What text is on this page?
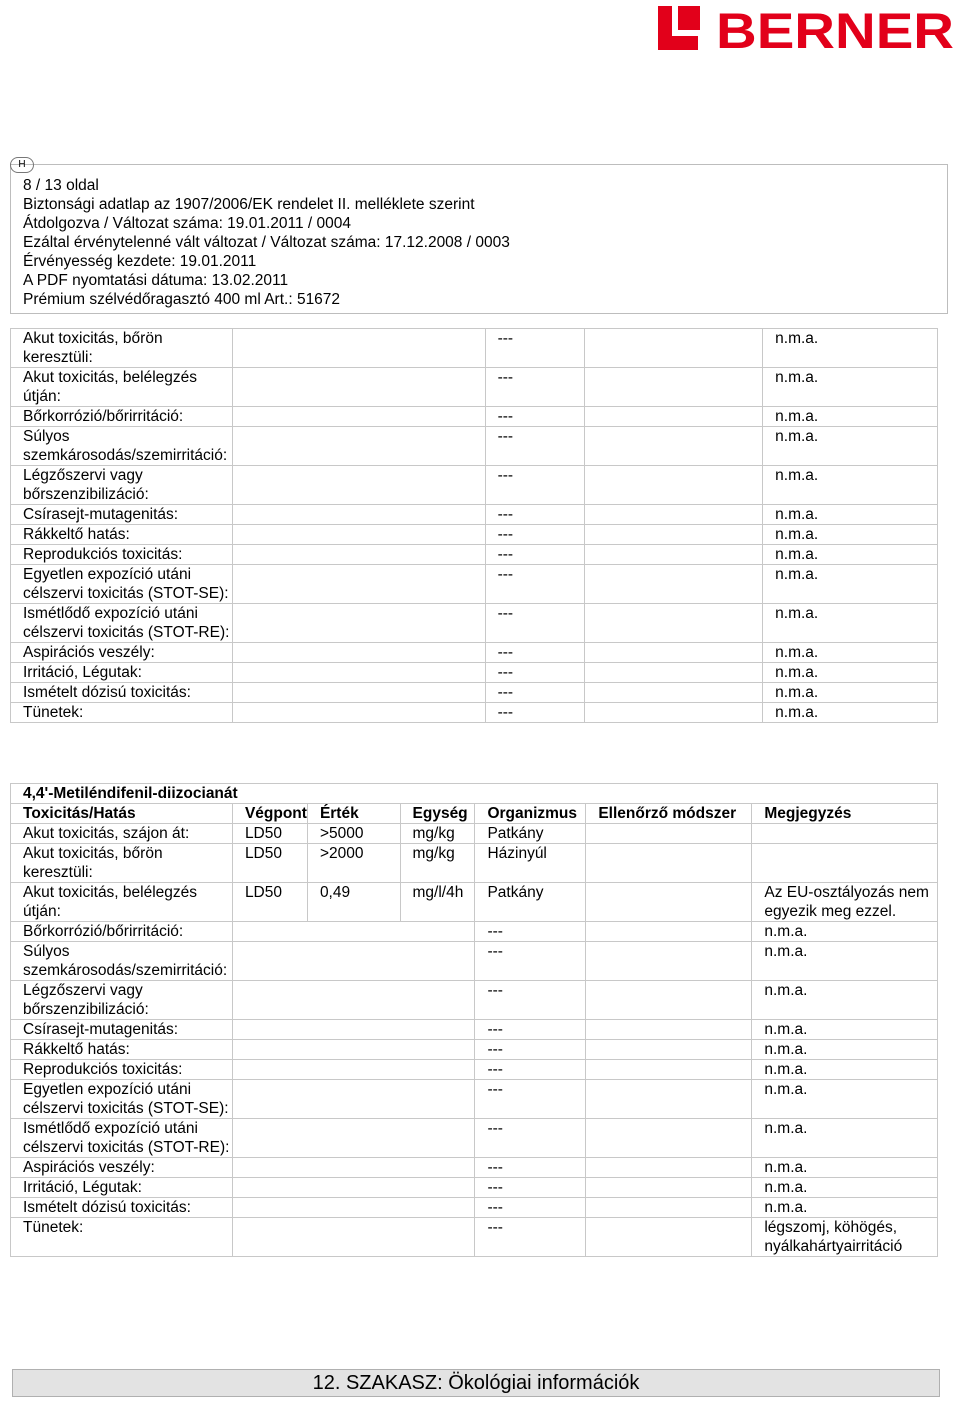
BERNER
H
8 / 13 oldal
Biztonsági adatlap az 1907/2006/EK rendelet II. melléklete szerint
Átdolgozva / Változat száma: 19.01.2011 / 0004
Ezáltal érvénytelenné vált változat / Változat száma: 17.12.2008 / 0003
Érvényesség kezdete: 19.01.2011
A PDF nyomtatási dátuma: 13.02.2011
Prémium szélvédőragasztó 400 ml Art.: 51672
Akut toxicitás, bőrön keresztüli:		---		n.m.a.
Akut toxicitás, belélegzés útján:		---		n.m.a.
Bőrkorrózió/bőrirritáció:		---		n.m.a.
Súlyos szemkárosodás/szemirritáció:		---		n.m.a.
Légzőszervi vagy bőrszenzibilizáció:		---		n.m.a.
Csírasejt-mutagenitás:		---		n.m.a.
Rákkeltő hatás:		---		n.m.a.
Reprodukciós toxicitás:		---		n.m.a.
Egyetlen expozíció utáni célszervi toxicitás (STOT-SE):		---		n.m.a.
Ismétlődő expozíció utáni célszervi toxicitás (STOT-RE):		---		n.m.a.
Aspirációs veszély:		---		n.m.a.
Irritáció, Légutak:		---		n.m.a.
Ismételt dózisú toxicitás:		---		n.m.a.
Tünetek:		---		n.m.a.
4,4'-Metiléndifenil-diizocianát						
Toxicitás/Hatás	Végpont	Érték	Egység	Organizmus	Ellenőrző módszer	Megjegyzés
Akut toxicitás, szájon át:	LD50	>5000	mg/kg	Patkány		
Akut toxicitás, bőrön keresztüli:	LD50	>2000	mg/kg	Házinyúl		
Akut toxicitás, belélegzés útján:	LD50	0,49	mg/l/4h	Patkány		Az EU-osztályozás nem egyezik meg ezzel.
Bőrkorrózió/bőrirritáció:				---		n.m.a.
Súlyos szemkárosodás/szemirritáció:				---		n.m.a.
Légzőszervi vagy bőrszenzibilizáció:				---		n.m.a.
Csírasejt-mutagenitás:				---		n.m.a.
Rákkeltő hatás:				---		n.m.a.
Reprodukciós toxicitás:				---		n.m.a.
Egyetlen expozíció utáni célszervi toxicitás (STOT-SE):				---		n.m.a.
Ismétlődő expozíció utáni célszervi toxicitás (STOT-RE):				---		n.m.a.
Aspirációs veszély:				---		n.m.a.
Irritáció, Légutak:				---		n.m.a.
Ismételt dózisú toxicitás:				---		n.m.a.
Tünetek:				---		légszomj, köhögés, nyálkahártyairritáció
12. SZAKASZ: Ökológiai információk
